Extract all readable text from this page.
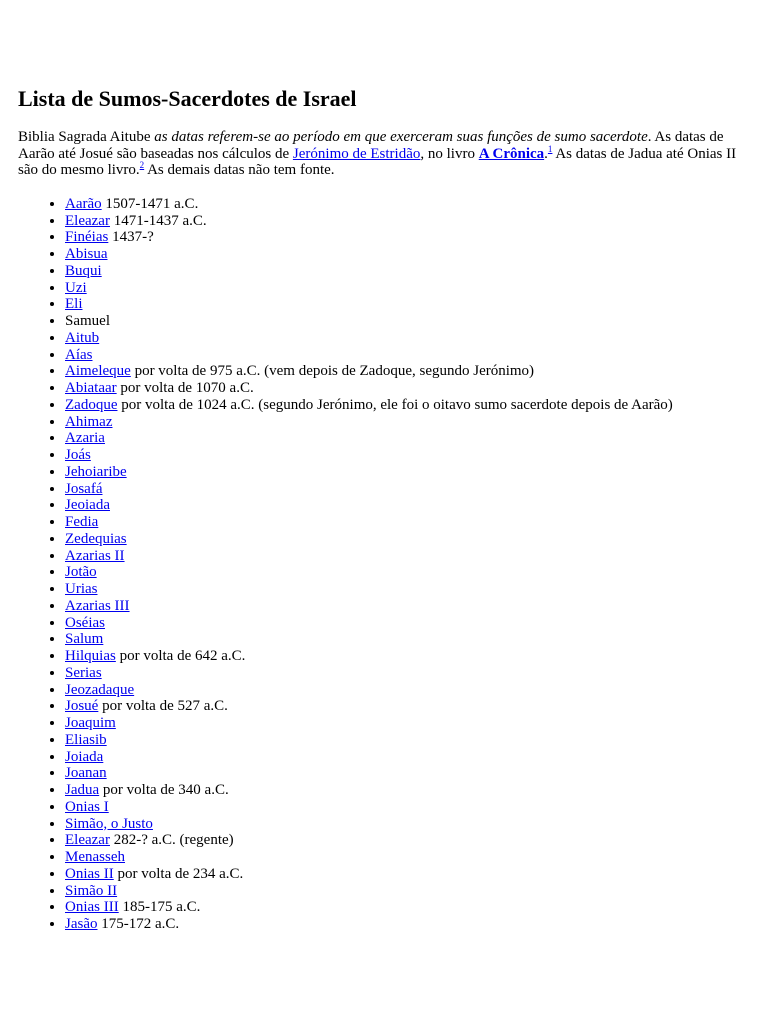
Lista de Sumos-Sacerdotes de Israel

Biblia Sagrada Aitube as datas referem-se ao período em que exerceram suas funções de sumo sacerdote. As datas de Aarão até Josué são baseadas nos cálculos de Jerónimo de Estridão, no livro A Crônica.$^1$ As datas de Jadua até Onias II são do mesmo livro.$^2$ As demais datas não tem fonte.

• Aarão 1507-1471 a.C.
• Eleazar 1471-1437 a.C.
• Finéias 1437-?
• Abisua
• Buqui
• Uzi
• Eli
• Samuel
• Aitub
• Aías
• Aimeleque por volta de 975 a.C. (vem depois de Zadoque, segundo Jerónimo)
• Abiataar por volta de 1070 a.C.
• Zadoque por volta de 1024 a.C. (segundo Jerónimo, ele foi o oitavo sumo sacerdote depois de Aarão)
• Ahimaz
• Azaria
• Joás
• Jehoiaribe
• Josafá
• Jeoiada
• Fedia
• Zedequias
• Azarias II
• Jotão
• Urias
• Azarias III
• Oséias
• Salum
• Hilquias por volta de 642 a.C.
• Serias
• Jeozadaque
• Josué por volta de 527 a.C.
• Joaquim
• Eliasib
• Joiada
• Joanan
• Jadua por volta de 340 a.C.
• Onias I
• Simão, o Justo
• Eleazar 282-? a.C. (regente)
• Menasseh
• Onias II por volta de 234 a.C.
• Simão II
• Onias III 185-175 a.C.
• Jasão 175-172 a.C.
